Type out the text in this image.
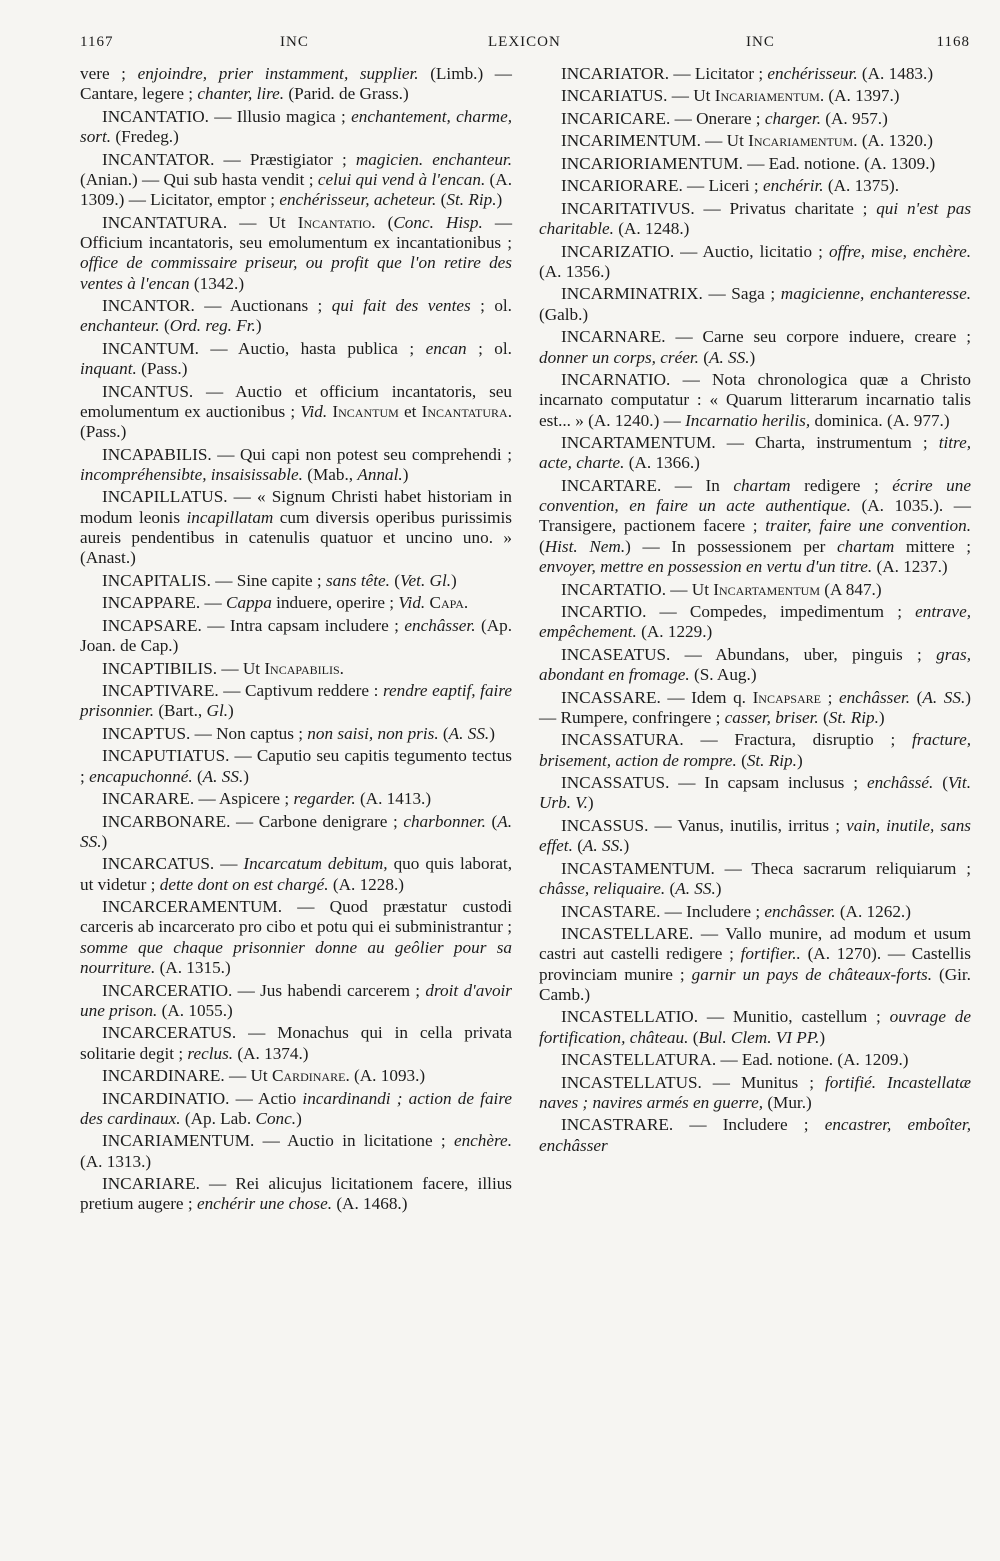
1167	INC	LEXICON	INC	1168

vere ; enjoindre, prier instamment, supplier. (Limb.) — Cantare, legere ; chanter, lire. (Parid. de Grass.)

INCANTATIO. — Illusio magica ; enchantement, charme, sort. (Fredeg.)

INCANTATOR. — Præstigiator ; magicien. enchanteur. (Anian.) — Qui sub hasta vendit ; celui qui vend à l'encan. (A. 1309.) — Licitator, emptor ; enchérisseur, acheteur. (St. Rip.)

INCANTATURA. — Ut Incantatio. (Conc. Hisp. — Officium incantatoris, seu emolumentum ex incantationibus ; office de commissaire priseur, ou profit que l'on retire des ventes à l'encan (1342.)

INCANTOR. — Auctionans ; qui fait des ventes ; ol. enchanteur. (Ord. reg. Fr.)

INCANTUM. — Auctio, hasta publica ; encan ; ol. inquant. (Pass.)

INCANTUS. — Auctio et officium incantatoris, seu emolumentum ex auctionibus ; Vid. Incantum et Incantatura. (Pass.)

INCAPABILIS. — Qui capi non potest seu comprehendi ; incompréhensibte, insaisissable. (Mab., Annal.)

INCAPILLATUS. — « Signum Christi habet historiam in modum leonis incapillatam cum diversis operibus purissimis aureis pendentibus in catenulis quatuor et uncino uno. » (Anast.)

INCAPITALIS. — Sine capite ; sans tête. (Vet. Gl.)

INCAPPARE. — Cappa induere, operire ; Vid. Capa.

INCAPSARE. — Intra capsam includere ; enchâsser. (Ap. Joan. de Cap.)

INCAPTIBILIS. — Ut Incapabilis.

INCAPTIVARE. — Captivum reddere : rendre eaptif, faire prisonnier. (Bart., Gl.)

INCAPTUS. — Non captus ; non saisi, non pris. (A. SS.)

INCAPUTIATUS. — Caputio seu capitis tegumento tectus ; encapuchonné. (A. SS.)

INCARARE. — Aspicere ; regarder. (A. 1413.)

INCARBONARE. — Carbone denigrare ; charbonner. (A. SS.)

INCARCATUS. — Incarcatum debitum, quo quis laborat, ut videtur ; dette dont on est chargé. (A. 1228.)

INCARCERAMENTUM. — Quod præstatur custodi carceris ab incarcerato pro cibo et potu qui ei subministrantur ; somme que chaque prisonnier donne au geôlier pour sa nourriture. (A. 1315.)

INCARCERATIO. — Jus habendi carcerem ; droit d'avoir une prison. (A. 1055.)

INCARCERATUS. — Monachus qui in cella privata solitarie degit ; reclus. (A. 1374.)

INCARDINARE. — Ut Cardinare. (A. 1093.)

INCARDINATIO. — Actio incardinandi ; action de faire des cardinaux. (Ap. Lab. Conc.)

INCARIAMENTUM. — Auctio in licitatione ; enchère. (A. 1313.)

INCARIARE. — Rei alicujus licitationem facere, illius pretium augere ; enchérir une chose. (A. 1468.)

INCARIATOR. — Licitator ; enchérisseur. (A. 1483.)

INCARIATUS. — Ut Incariamentum. (A. 1397.)

INCARICARE. — Onerare ; charger. (A. 957.)

INCARIMENTUM. — Ut Incariamentum. (A. 1320.)

INCARIORIAMENTUM. — Ead. notione. (A. 1309.)

INCARIORARE. — Liceri ; enchérir. (A. 1375).

INCARITATIVUS. — Privatus charitate ; qui n'est pas charitable. (A. 1248.)

INCARIZATIO. — Auctio, licitatio ; offre, mise, enchère. (A. 1356.)

INCARMINATRIX. — Saga ; magicienne, enchanteresse. (Galb.)

INCARNARE. — Carne seu corpore induere, creare ; donner un corps, créer. (A. SS.)

INCARNATIO. — Nota chronologica quæ a Christo incarnato computatur : « Quarum litterarum incarnatio talis est... » (A. 1240.) — Incarnatio herilis, dominica. (A. 977.)

INCARTAMENTUM. — Charta, instrumentum ; titre, acte, charte. (A. 1366.)

INCARTARE. — In chartam redigere ; écrire une convention, en faire un acte authentique. (A. 1035.). — Transigere, pactionem facere ; traiter, faire une convention. (Hist. Nem.) — In possessionem per chartam mittere ; envoyer, mettre en possession en vertu d'un titre. (A. 1237.)

INCARTATIO. — Ut Incartamentum (A 847.)

INCARTIO. — Compedes, impedimentum ; entrave, empêchement. (A. 1229.)

INCASEATUS. — Abundans, uber, pinguis ; gras, abondant en fromage. (S. Aug.)

INCASSARE. — Idem q. Incapsare ; enchâsser. (A. SS.) — Rumpere, confringere ; casser, briser. (St. Rip.)

INCASSATURA. — Fractura, disruptio ; fracture, brisement, action de rompre. (St. Rip.)

INCASSATUS. — In capsam inclusus ; enchâssé. (Vit. Urb. V.)

INCASSUS. — Vanus, inutilis, irritus ; vain, inutile, sans effet. (A. SS.)

INCASTAMENTUM. — Theca sacrarum reliquiarum ; châsse, reliquaire. (A. SS.)

INCASTARE. — Includere ; enchâsser. (A. 1262.)

INCASTELLARE. — Vallo munire, ad modum et usum castri aut castelli redigere ; fortifier.. (A. 1270). — Castellis provinciam munire ; garnir un pays de châteaux-forts. (Gir. Camb.)

INCASTELLATIO. — Munitio, castellum ; ouvrage de fortification, château. (Bul. Clem. VI PP.)

INCASTELLATURA. — Ead. notione. (A. 1209.)

INCASTELLATUS. — Munitus ; fortifié. Incastellatæ naves ; navires armés en guerre, (Mur.)

INCASTRARE. — Includere ; encastrer, emboîter, enchâsser
